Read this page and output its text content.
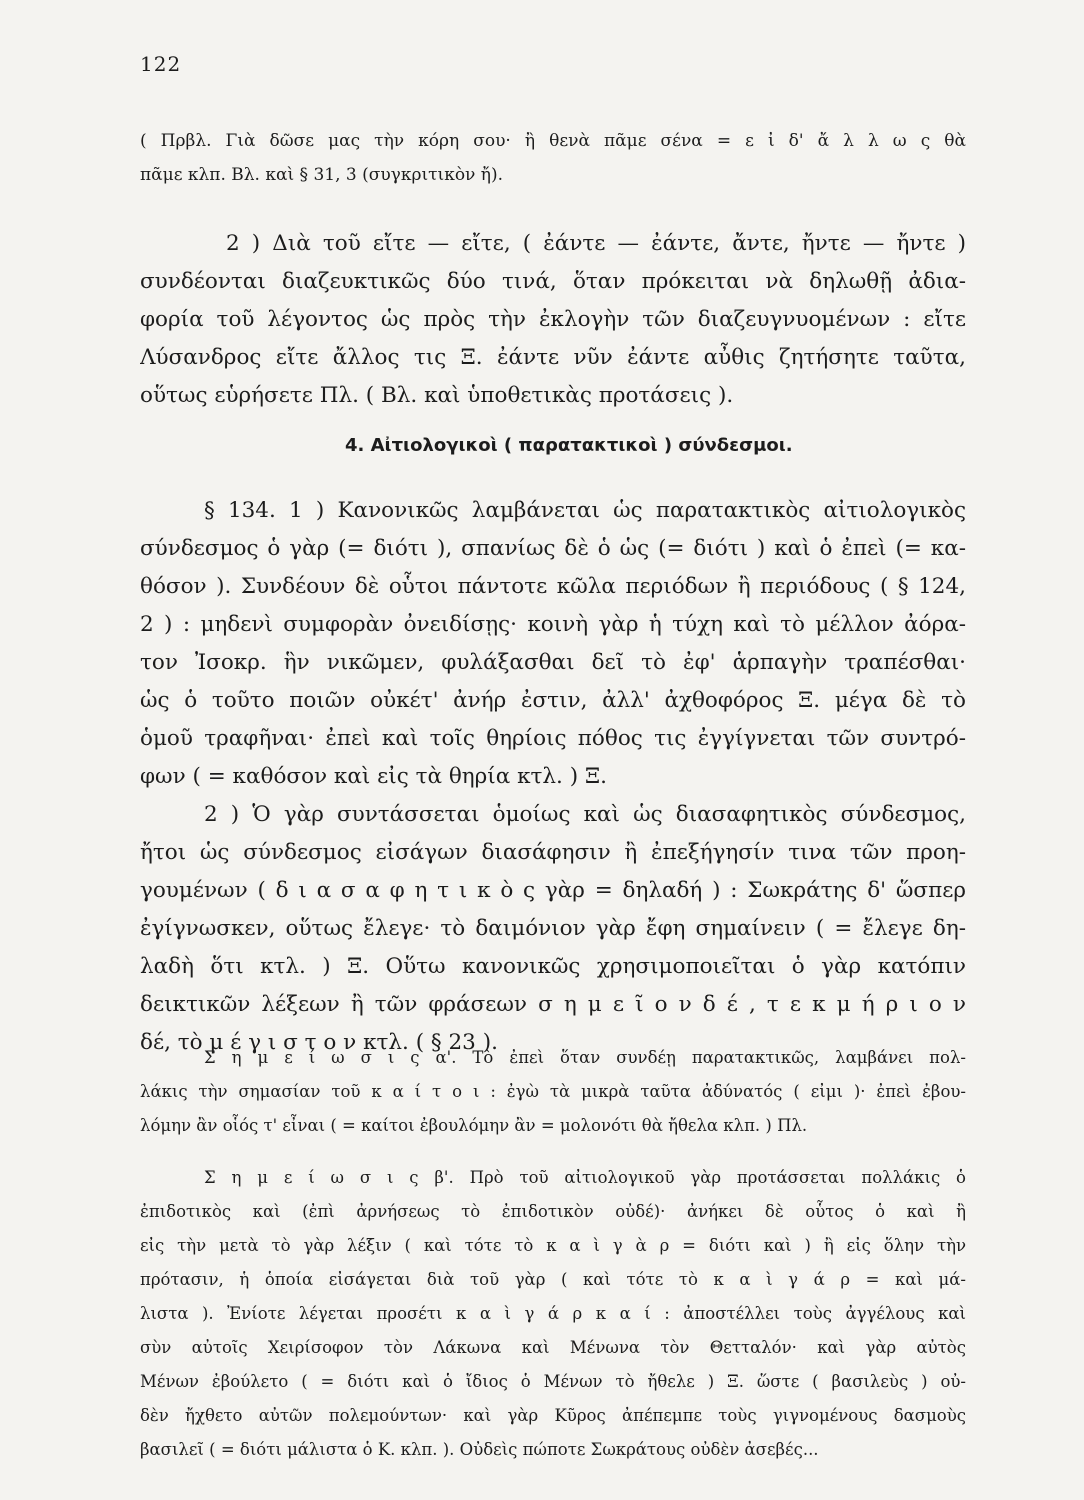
122
( Πρβλ. Γιὰ δῶσε μας τὴν κόρη σου· ἢ θενὰ πᾶμε σένα = ε ἰ δ' ἄ λ λ ω ς θὰ
πᾶμε κλπ. Βλ. καὶ § 31, 3 (συγκριτικὸν ἤ).
2 ) Διὰ τοῦ εἴτε — εἴτε, ( ἐάντε — ἐάντε, ἄντε, ἤντε — ἤντε )
συνδέονται διαζευκτικῶς δύο τινά, ὅταν πρόκειται νὰ δηλωθῇ ἀδια-
φορία τοῦ λέγοντος ὡς πρὸς τὴν ἐκλογὴν τῶν διαζευγνυομένων : εἴτε
Λύσανδρος εἴτε ἄλλος τις Ξ. ἐάντε νῦν ἐάντε αὖθις ζητήσητε ταῦτα,
οὕτως εὑρήσετε Πλ. ( Βλ. καὶ ὑποθετικὰς προτάσεις ).
4. Αἰτιολογικοὶ ( παρατακτικοὶ ) σύνδεσμοι.
§ 134. 1 ) Κανονικῶς λαμβάνεται ὡς παρατακτικὸς αἰτιολογικὸς
σύνδεσμος ὁ γὰρ (= διότι ), σπανίως δὲ ὁ ὡς (= διότι ) καὶ ὁ ἐπεὶ (= κα-
θόσον ). Συνδέουν δὲ οὗτοι πάντοτε κῶλα περιόδων ἢ περιόδους ( § 124,
2 ) : μηδενὶ συμφορὰν ὀνειδίσῃς· κοινὴ γὰρ ἡ τύχη καὶ τὸ μέλλον ἀόρα-
τον Ἰσοκρ. ἣν νικῶμεν, φυλάξασθαι δεῖ τὸ ἐφ' ἁρπαγὴν τραπέσθαι·
ὡς ὁ τοῦτο ποιῶν οὐκέτ' ἀνήρ ἐστιν, ἀλλ' ἀχθοφόρος Ξ. μέγα δὲ τὸ
ὁμοῦ τραφῆναι· ἐπεὶ καὶ τοῖς θηρίοις πόθος τις ἐγγίγνεται τῶν συντρό-
φων ( = καθόσον καὶ εἰς τὰ θηρία κτλ. ) Ξ.
2 ) Ὁ γὰρ συντάσσεται ὁμοίως καὶ ὡς διασαφητικὸς σύνδεσμος,
ἤτοι ὡς σύνδεσμος εἰσάγων διασάφησιν ἢ ἐπεξήγησίν τινα τῶν προη-
γουμένων ( δ ι α σ α φ η τ ι κ ὸ ς γὰρ = δηλαδή ) : Σωκράτης δ' ὥσπερ
ἐγίγνωσκεν, οὕτως ἔλεγε· τὸ δαιμόνιον γὰρ ἔφη σημαίνειν ( = ἔλεγε δη-
λαδὴ ὅτι κτλ. ) Ξ. Οὕτω κανονικῶς χρησιμοποιεῖται ὁ γὰρ κατόπιν
δεικτικῶν λέξεων ἢ τῶν φράσεων σ η μ ε ῖ ο ν δ έ , τ ε κ μ ή ρ ι ο ν
δέ, τὸ μ έ γ ι σ τ ο ν κτλ. ( § 23 ).
Σ η μ ε ί ω σ ι ς α'. Τὸ ἐπεὶ ὅταν συνδέῃ παρατακτικῶς, λαμβάνει πολ-
λάκις τὴν σημασίαν τοῦ κ α ί τ ο ι : ἐγὼ τὰ μικρὰ ταῦτα ἀδύνατός ( εἰμι )· ἐπεὶ ἐβου-
λόμην ἂν οἷός τ' εἶναι ( = καίτοι ἐβουλόμην ἂν = μολονότι θὰ ἤθελα κλπ. ) Πλ.
Σ η μ ε ί ω σ ι ς β'. Πρὸ τοῦ αἰτιολογικοῦ γὰρ προτάσσεται πολλάκις ὁ
ἐπιδοτικὸς καὶ (ἐπὶ ἀρνήσεως τὸ ἐπιδοτικὸν οὐδέ)· ἀνήκει δὲ οὗτος ὁ καὶ ἢ
εἰς τὴν μετὰ τὸ γὰρ λέξιν ( καὶ τότε τὸ κ α ὶ γ ὰ ρ = διότι καὶ ) ἢ εἰς ὅλην τὴν
πρότασιν, ἡ ὁποία εἰσάγεται διὰ τοῦ γὰρ ( καὶ τότε τὸ κ α ὶ γ ά ρ = καὶ μά-
λιστα ). Ἐνίοτε λέγεται προσέτι κ α ὶ γ ά ρ κ α ί : ἀποστέλλει τοὺς ἀγγέλους καὶ
σὺν αὐτοῖς Χειρίσοφον τὸν Λάκωνα καὶ Μένωνα τὸν Θετταλόν· καὶ γὰρ αὐτὸς
Μένων ἐβούλετο ( = διότι καὶ ὁ ἴδιος ὁ Μένων τὸ ἤθελε ) Ξ. ὥστε ( βασιλεὺς ) οὐ-
δὲν ἤχθετο αὐτῶν πολεμούντων· καὶ γὰρ Κῦρος ἀπέπεμπε τοὺς γιγνομένους δασμοὺς
βασιλεῖ ( = διότι μάλιστα ὁ Κ. κλπ. ). Οὐδεὶς πώποτε Σωκράτους οὐδὲν ἀσεβές...
